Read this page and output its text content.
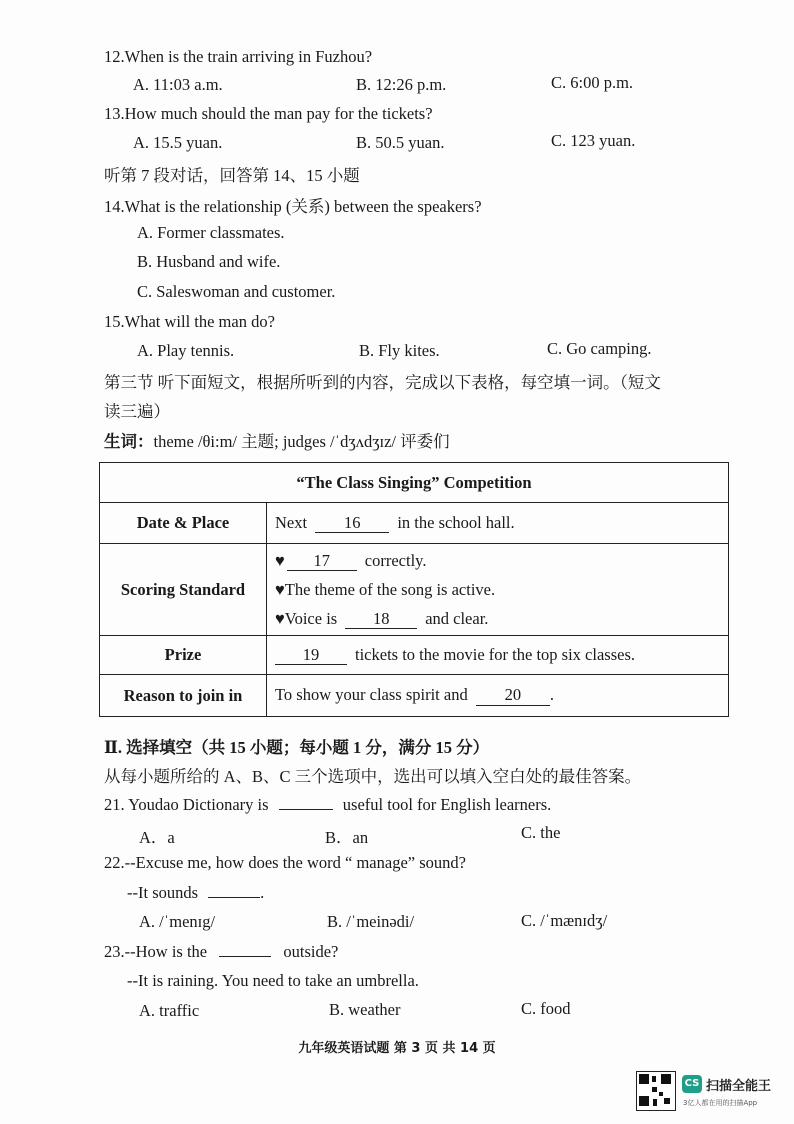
12.When is the train arriving in Fuzhou?
A. 11:03 a.m.	B. 12:26 p.m.	C. 6:00 p.m.
13.How much should the man pay for the tickets?
A. 15.5 yuan.	B. 50.5 yuan.	C. 123 yuan.
听第 7 段对话，回答第 14、15 小题
14.What is the relationship (关系) between the speakers?
A. Former classmates.
B. Husband and wife.
C. Saleswoman and customer.
15.What will the man do?
A. Play tennis.	B. Fly kites.	C. Go camping.
第三节 听下面短文，根据所听到的内容，完成以下表格，每空填一词。（短文
读三遍）
生词：theme /θi:m/ 主题; judges /ˈdʒʌdʒɪz/ 评委们
“The Class Singing” Competition	
Date & Place	Next 16 in the school hall.
Scoring Standard	♥ 17 correctly.
♥The theme of the song is active.
♥Voice is 18 and clear.

Prize	19 tickets to the movie for the top six classes.
Reason to join in	To show your class spirit and 20 .
Ⅱ. 选择填空（共 15 小题；每小题 1 分，满分 15 分）
从每小题所给的 A、B、C 三个选项中，选出可以填入空白处的最佳答案。
21. Youdao Dictionary is	useful tool for English learners.
A．a	B．an	C. the
22.--Excuse me, how does the word “ manage” sound?
--It sounds	.
A. /ˈmenɪg/	B. /ˈmeinədi/	C. /ˈmænɪdʒ/
23.--How is the	outside?
--It is raining. You need to take an umbrella.
A. traffic	B. weather	C. food
九年级英语试题 第 3 页 共 14 页
CS 扫描全能王
3亿人都在用的扫描App
